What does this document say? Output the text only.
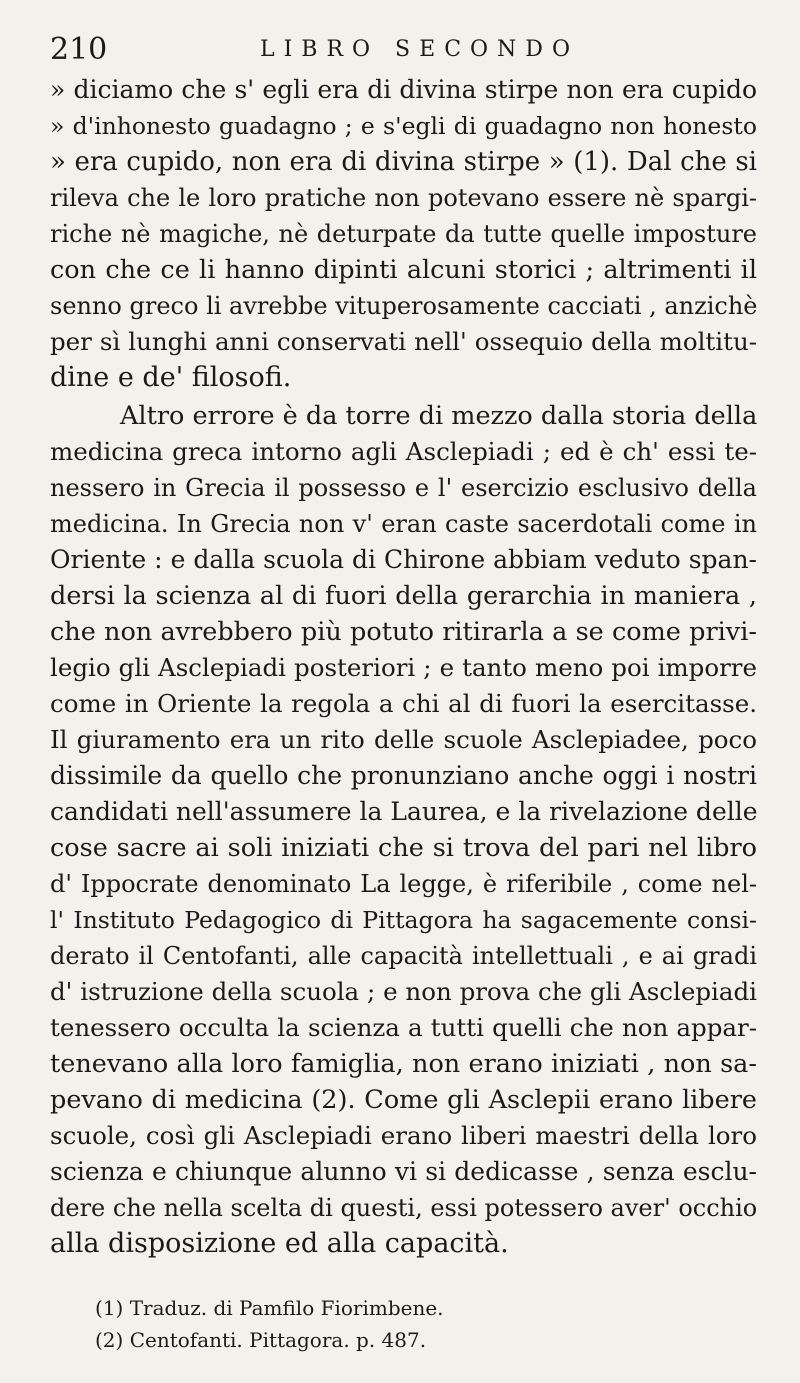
210	LIBRO SECONDO
» diciamo che s' egli era di divina stirpe non era cupido
» d'inhonesto guadagno ; e s'egli di guadagno non honesto
» era cupido, non era di divina stirpe » (1). Dal che si
rileva che le loro pratiche non potevano essere nè spargi-
riche nè magiche, nè deturpate da tutte quelle imposture
con che ce li hanno dipinti alcuni storici ; altrimenti il
senno greco li avrebbe vituperosamente cacciati , anzichè
per sì lunghi anni conservati nell' ossequio della moltitu-
dine e de' filosofi.
Altro errore è da torre di mezzo dalla storia della
medicina greca intorno agli Asclepiadi ; ed è ch' essi te-
nessero in Grecia il possesso e l' esercizio esclusivo della
medicina. In Grecia non v' eran caste sacerdotali come in
Oriente : e dalla scuola di Chirone abbiam veduto span-
dersi la scienza al di fuori della gerarchia in maniera ,
che non avrebbero più potuto ritirarla a se come privi-
legio gli Asclepiadi posteriori ; e tanto meno poi imporre
come in Oriente la regola a chi al di fuori la esercitasse.
Il giuramento era un rito delle scuole Asclepiadee, poco
dissimile da quello che pronunziano anche oggi i nostri
candidati nell'assumere la Laurea, e la rivelazione delle
cose sacre ai soli iniziati che si trova del pari nel libro
d' Ippocrate denominato La legge, è riferibile , come nel-
l' Instituto Pedagogico di Pittagora ha sagacemente consi-
derato il Centofanti, alle capacità intellettuali , e ai gradi
d' istruzione della scuola ; e non prova che gli Asclepiadi
tenessero occulta la scienza a tutti quelli che non appar-
tenevano alla loro famiglia, non erano iniziati , non sa-
pevano di medicina (2). Come gli Asclepii erano libere
scuole, così gli Asclepiadi erano liberi maestri della loro
scienza e chiunque alunno vi si dedicasse , senza esclu-
dere che nella scelta di questi, essi potessero aver' occhio
alla disposizione ed alla capacità.
(1) Traduz. di Pamfilo Fiorimbene.
(2) Centofanti. Pittagora. p. 487.
